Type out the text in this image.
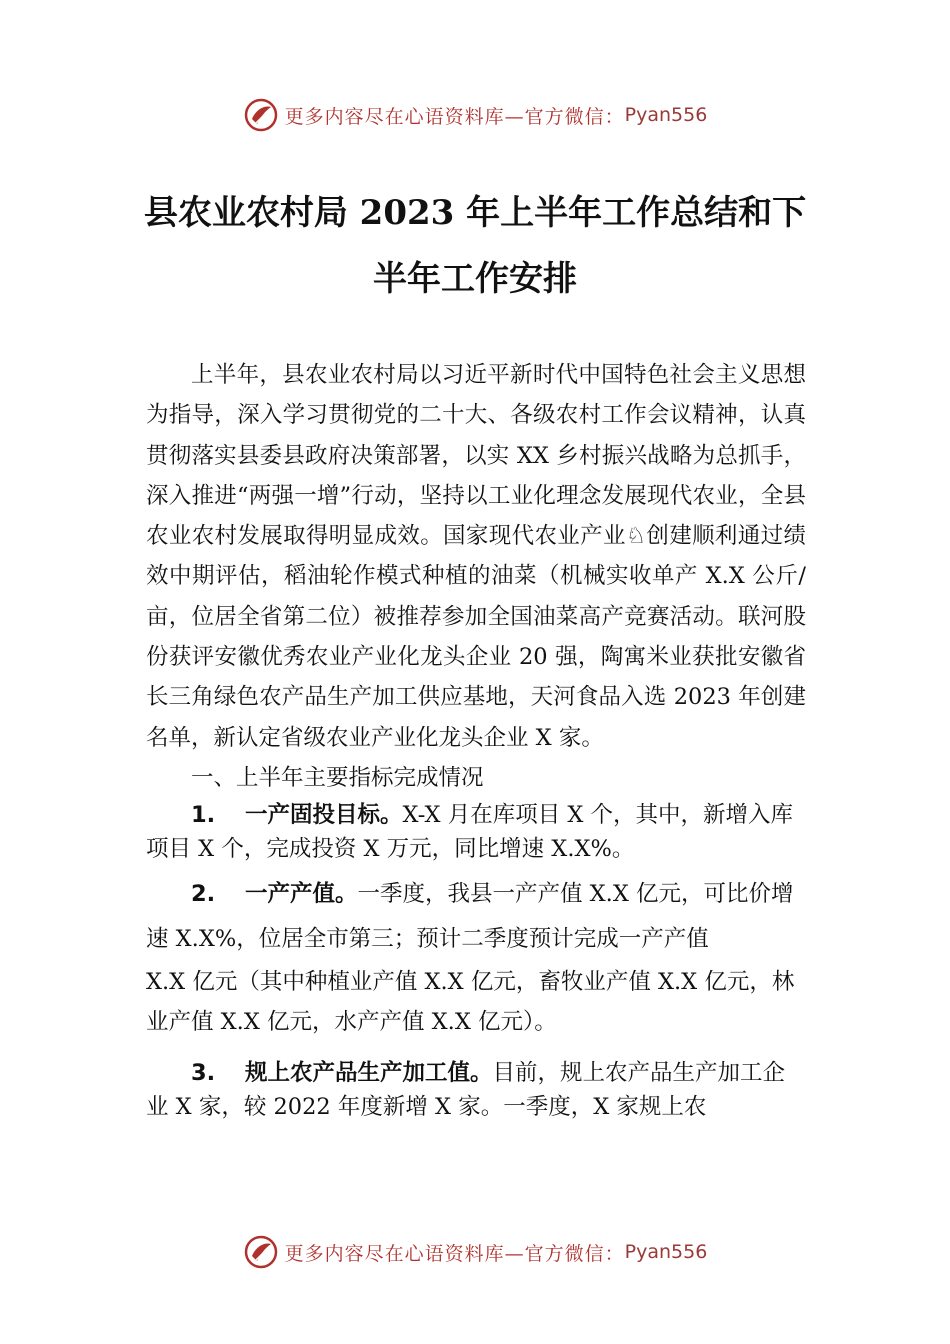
更多内容尽在心语资料库—官方微信： Pyan556
县农业农村局 2023 年上半年工作总结和下
半年工作安排

上半年，县农业农村局以习近平新时代中国特色社会主义思想为指导，深入学习贯彻党的二十大、各级农村工作会议精神，认真贯彻落实县委县政府决策部署，以实 XX 乡村振兴战略为总抓手，深入推进“两强一增”行动，坚持以工业化理念发展现代农业，全县农业农村发展取得明显成效。国家现代农业产业♘创建顺利通过绩效中期评估，稻油轮作模式种植的油菜（机械实收单产 X.X 公斤/亩，位居全省第二位）被推荐参加全国油菜高产竞赛活动。联河股份获评安徽优秀农业产业化龙头企业 20 强，陶寓米业获批安徽省长三角绿色农产品生产加工供应基地，天河食品入选 2023 年创建名单，新认定省级农业产业化龙头企业 X 家。

一、上半年主要指标完成情况

1. 一产固投目标。X-X 月在库项目 X 个，其中，新增入库项目 X 个，完成投资 X 万元，同比增速 X.X%。

2. 一产产值。一季度，我县一产产值 X.X 亿元，可比价增速 X.X%，位居全市第三；预计二季度预计完成一产产值

X.X 亿元（其中种植业产值 X.X 亿元，畜牧业产值 X.X 亿元，林业产值 X.X 亿元，水产产值 X.X 亿元）。

3. 规上农产品生产加工值。目前，规上农产品生产加工企业 X 家，较 2022 年度新增 X 家。一季度，X 家规上农

更多内容尽在心语资料库—官方微信： Pyan556
